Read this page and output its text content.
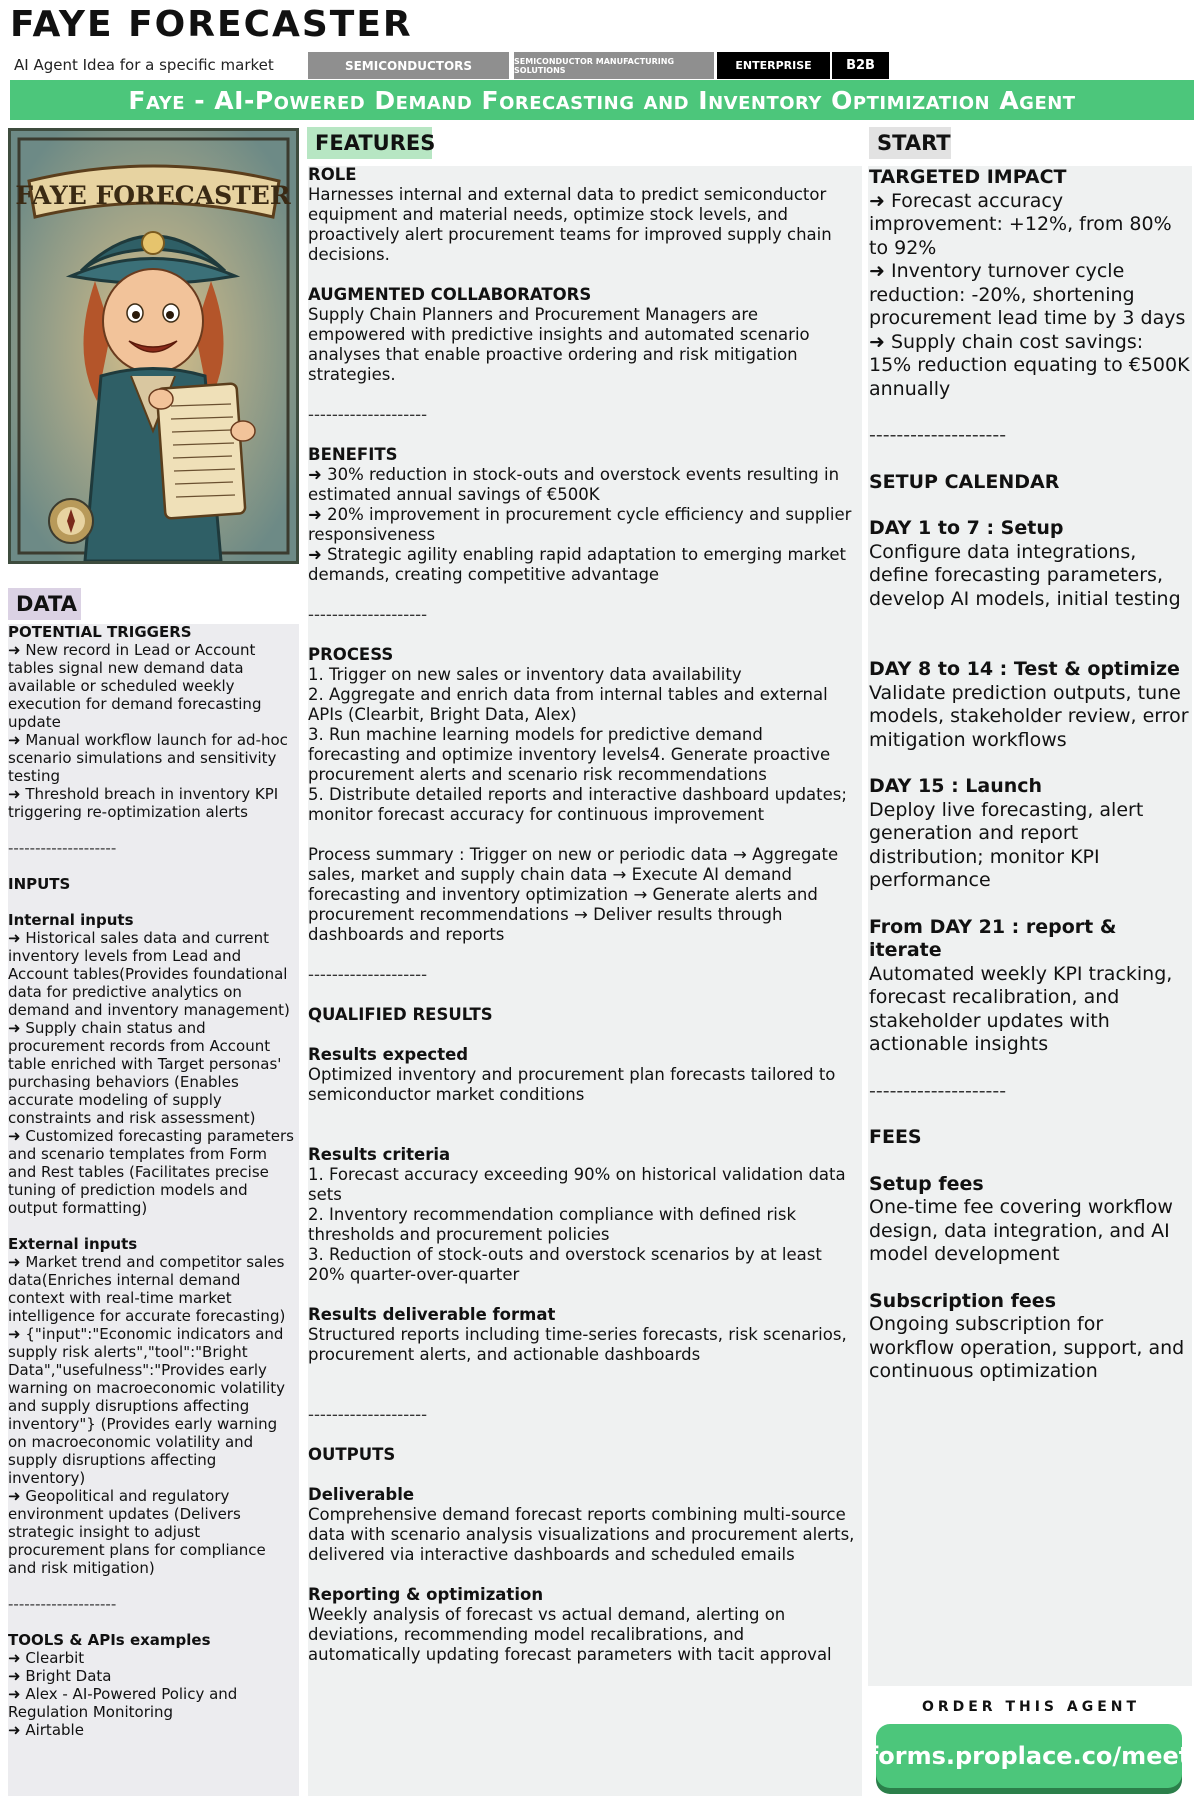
FAYE FORECASTER
AI Agent Idea for a specific market	SEMICONDUCTORS	SEMICONDUCTOR MANUFACTURING SOLUTIONS	ENTERPRISE	B2B
Faye - AI-Powered Demand Forecasting and Inventory Optimization Agent
FAYE FORECASTER
FEATURES	START
DATA
POTENTIAL TRIGGERS
➜ New record in Lead or Account tables signal new demand data available or scheduled weekly execution for demand forecasting update
➜ Manual workflow launch for ad-hoc scenario simulations and sensitivity testing
➜ Threshold breach in inventory KPI triggering re-optimization alerts
--------------------
INPUTS
Internal inputs
➜ Historical sales data and current inventory levels from Lead and Account tables(Provides foundational data for predictive analytics on demand and inventory management)
➜ Supply chain status and procurement records from Account table enriched with Target personas' purchasing behaviors (Enables accurate modeling of supply constraints and risk assessment)
➜ Customized forecasting parameters and scenario templates from Form and Rest tables (Facilitates precise tuning of prediction models and output formatting)
External inputs
➜ Market trend and competitor sales data(Enriches internal demand context with real-time market intelligence for accurate forecasting)
➜ {"input":"Economic indicators and supply risk alerts","tool":"Bright Data","usefulness":"Provides early warning on macroeconomic volatility and supply disruptions affecting inventory"} (Provides early warning on macroeconomic volatility and supply disruptions affecting inventory)
➜ Geopolitical and regulatory environment updates (Delivers strategic insight to adjust procurement plans for compliance and risk mitigation)
--------------------
TOOLS & APIs examples
➜ Clearbit
➜ Bright Data
➜ Alex - AI-Powered Policy and Regulation Monitoring
➜ Airtable
ROLE
Harnesses internal and external data to predict semiconductor equipment and material needs, optimize stock levels, and proactively alert procurement teams for improved supply chain decisions.
AUGMENTED COLLABORATORS
Supply Chain Planners and Procurement Managers are empowered with predictive insights and automated scenario analyses that enable proactive ordering and risk mitigation strategies.
--------------------
BENEFITS
➜ 30% reduction in stock-outs and overstock events resulting in estimated annual savings of €500K
➜ 20% improvement in procurement cycle efficiency and supplier responsiveness
➜ Strategic agility enabling rapid adaptation to emerging market demands, creating competitive advantage
--------------------
PROCESS
1. Trigger on new sales or inventory data availability
2. Aggregate and enrich data from internal tables and external APIs (Clearbit, Bright Data, Alex)
3. Run machine learning models for predictive demand forecasting and optimize inventory levels4. Generate proactive procurement alerts and scenario risk recommendations
5. Distribute detailed reports and interactive dashboard updates; monitor forecast accuracy for continuous improvement
Process summary : Trigger on new or periodic data → Aggregate sales, market and supply chain data → Execute AI demand forecasting and inventory optimization → Generate alerts and procurement recommendations → Deliver results through dashboards and reports
--------------------
QUALIFIED RESULTS
Results expected
Optimized inventory and procurement plan forecasts tailored to semiconductor market conditions
Results criteria
1. Forecast accuracy exceeding 90% on historical validation data sets
2. Inventory recommendation compliance with defined risk thresholds and procurement policies
3. Reduction of stock-outs and overstock scenarios by at least 20% quarter-over-quarter
Results deliverable format
Structured reports including time-series forecasts, risk scenarios, procurement alerts, and actionable dashboards
--------------------
OUTPUTS
Deliverable
Comprehensive demand forecast reports combining multi-source data with scenario analysis visualizations and procurement alerts, delivered via interactive dashboards and scheduled emails
Reporting & optimization
Weekly analysis of forecast vs actual demand, alerting on deviations, recommending model recalibrations, and automatically updating forecast parameters with tacit approval
TARGETED IMPACT
➜ Forecast accuracy improvement: +12%, from 80% to 92%
➜ Inventory turnover cycle reduction: -20%, shortening procurement lead time by 3 days
➜ Supply chain cost savings: 15% reduction equating to €500K annually
--------------------
SETUP CALENDAR
DAY 1 to 7 : Setup
Configure data integrations, define forecasting parameters, develop AI models, initial testing
DAY 8 to 14 : Test & optimize
Validate prediction outputs, tune models, stakeholder review, error mitigation workflows
DAY 15 : Launch
Deploy live forecasting, alert generation and report distribution; monitor KPI performance
From DAY 21 : report & iterate
Automated weekly KPI tracking, forecast recalibration, and stakeholder updates with actionable insights
--------------------
FEES
Setup fees
One-time fee covering workflow design, data integration, and AI model development
Subscription fees
Ongoing subscription for workflow operation, support, and continuous optimization
ORDER THIS AGENT
forms.proplace.co/meet
